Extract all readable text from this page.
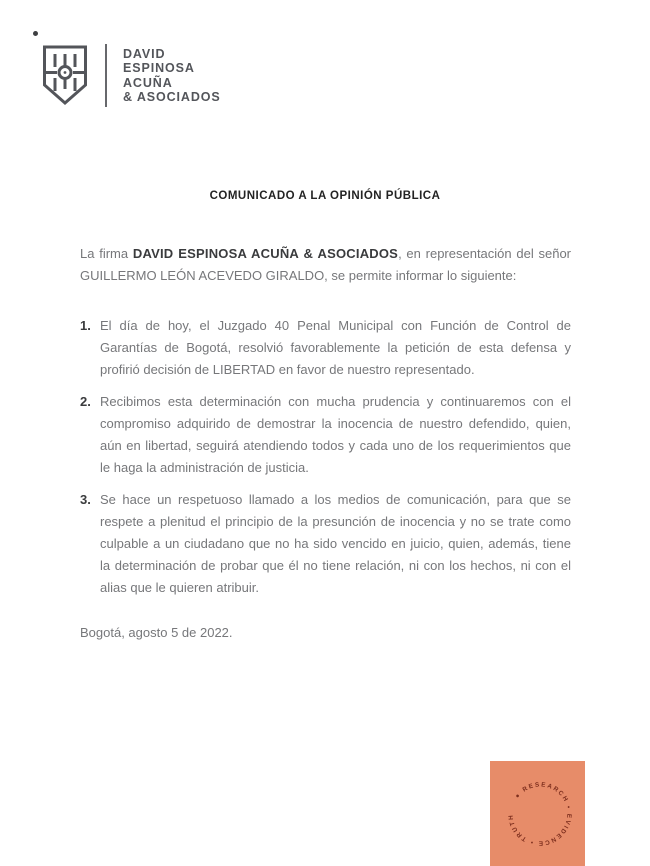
DAVID
ESPINOSA
ACUÑA
& ASOCIADOS
COMUNICADO A LA OPINIÓN PÚBLICA

La firma DAVID ESPINOSA ACUÑA & ASOCIADOS, en representación del señor GUILLERMO LEÓN ACEVEDO GIRALDO, se permite informar lo siguiente:

1. El día de hoy, el Juzgado 40 Penal Municipal con Función de Control de Garantías de Bogotá, resolvió favorablemente la petición de esta defensa y profirió decisión de LIBERTAD en favor de nuestro representado.
2. Recibimos esta determinación con mucha prudencia y continuaremos con el compromiso adquirido de demostrar la inocencia de nuestro defendido, quien, aún en libertad, seguirá atendiendo todos y cada uno de los requerimientos que le haga la administración de justicia.
3. Se hace un respetuoso llamado a los medios de comunicación, para que se respete a plenitud el principio de la presunción de inocencia y no se trate como culpable a un ciudadano que no ha sido vencido en juicio, quien, además, tiene la determinación de probar que él no tiene relación, ni con los hechos, ni con el alias que le quieren atribuir.

Bogotá, agosto 5 de 2022.

● RESEARCH • EVIDENCE • TRUTH
